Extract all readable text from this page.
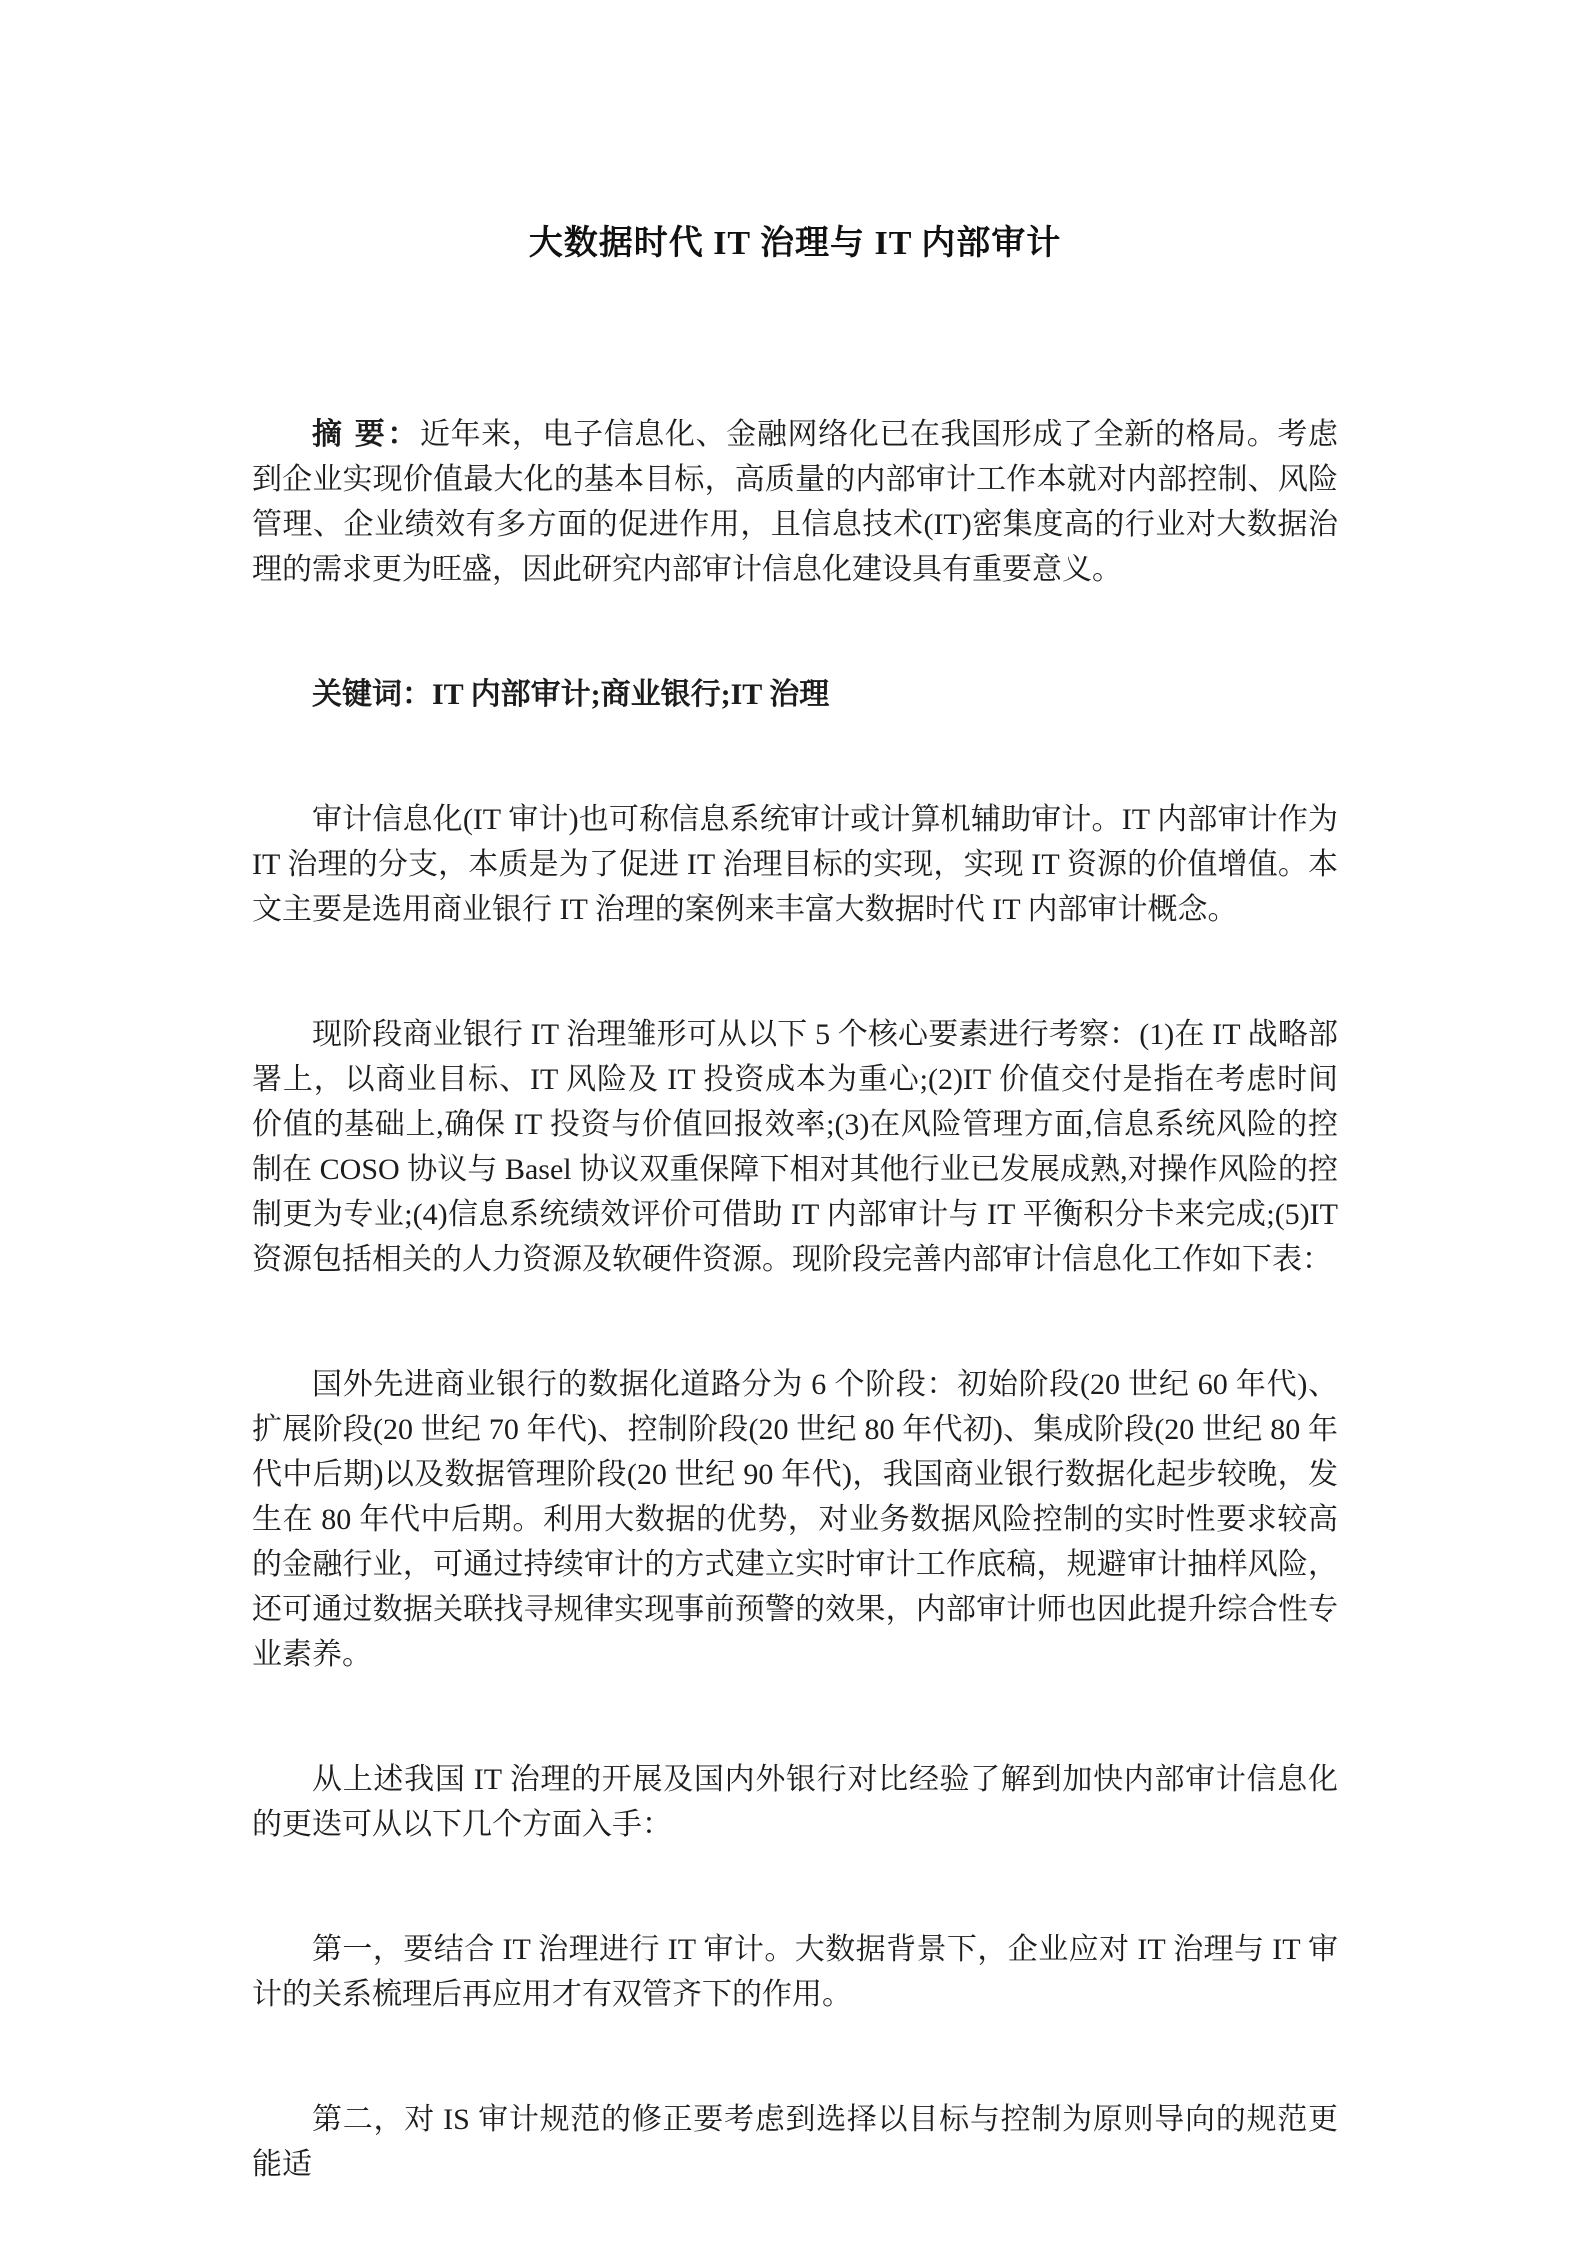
大数据时代 IT 治理与 IT 内部审计

摘 要：近年来，电子信息化、金融网络化已在我国形成了全新的格局。考虑到企业实现价值最大化的基本目标，高质量的内部审计工作本就对内部控制、风险管理、企业绩效有多方面的促进作用，且信息技术(IT)密集度高的行业对大数据治理的需求更为旺盛，因此研究内部审计信息化建设具有重要意义。

关键词：IT 内部审计;商业银行;IT 治理

审计信息化(IT 审计)也可称信息系统审计或计算机辅助审计。IT 内部审计作为 IT 治理的分支，本质是为了促进 IT 治理目标的实现，实现 IT 资源的价值增值。本文主要是选用商业银行 IT 治理的案例来丰富大数据时代 IT 内部审计概念。

现阶段商业银行 IT 治理雏形可从以下 5 个核心要素进行考察：(1)在 IT 战略部署上，以商业目标、IT 风险及 IT 投资成本为重心;(2)IT 价值交付是指在考虑时间价值的基础上,确保 IT 投资与价值回报效率;(3)在风险管理方面,信息系统风险的控制在 COSO 协议与 Basel 协议双重保障下相对其他行业已发展成熟,对操作风险的控制更为专业;(4)信息系统绩效评价可借助 IT 内部审计与 IT 平衡积分卡来完成;(5)IT 资源包括相关的人力资源及软硬件资源。现阶段完善内部审计信息化工作如下表：

国外先进商业银行的数据化道路分为 6 个阶段：初始阶段(20 世纪 60 年代)、扩展阶段(20 世纪 70 年代)、控制阶段(20 世纪 80 年代初)、集成阶段(20 世纪 80 年代中后期)以及数据管理阶段(20 世纪 90 年代)，我国商业银行数据化起步较晚，发生在 80 年代中后期。利用大数据的优势，对业务数据风险控制的实时性要求较高的金融行业，可通过持续审计的方式建立实时审计工作底稿，规避审计抽样风险，还可通过数据关联找寻规律实现事前预警的效果，内部审计师也因此提升综合性专业素养。

从上述我国 IT 治理的开展及国内外银行对比经验了解到加快内部审计信息化的更迭可从以下几个方面入手：

第一，要结合 IT 治理进行 IT 审计。大数据背景下，企业应对 IT 治理与 IT 审计的关系梳理后再应用才有双管齐下的作用。

第二，对 IS 审计规范的修正要考虑到选择以目标与控制为原则导向的规范更能适
